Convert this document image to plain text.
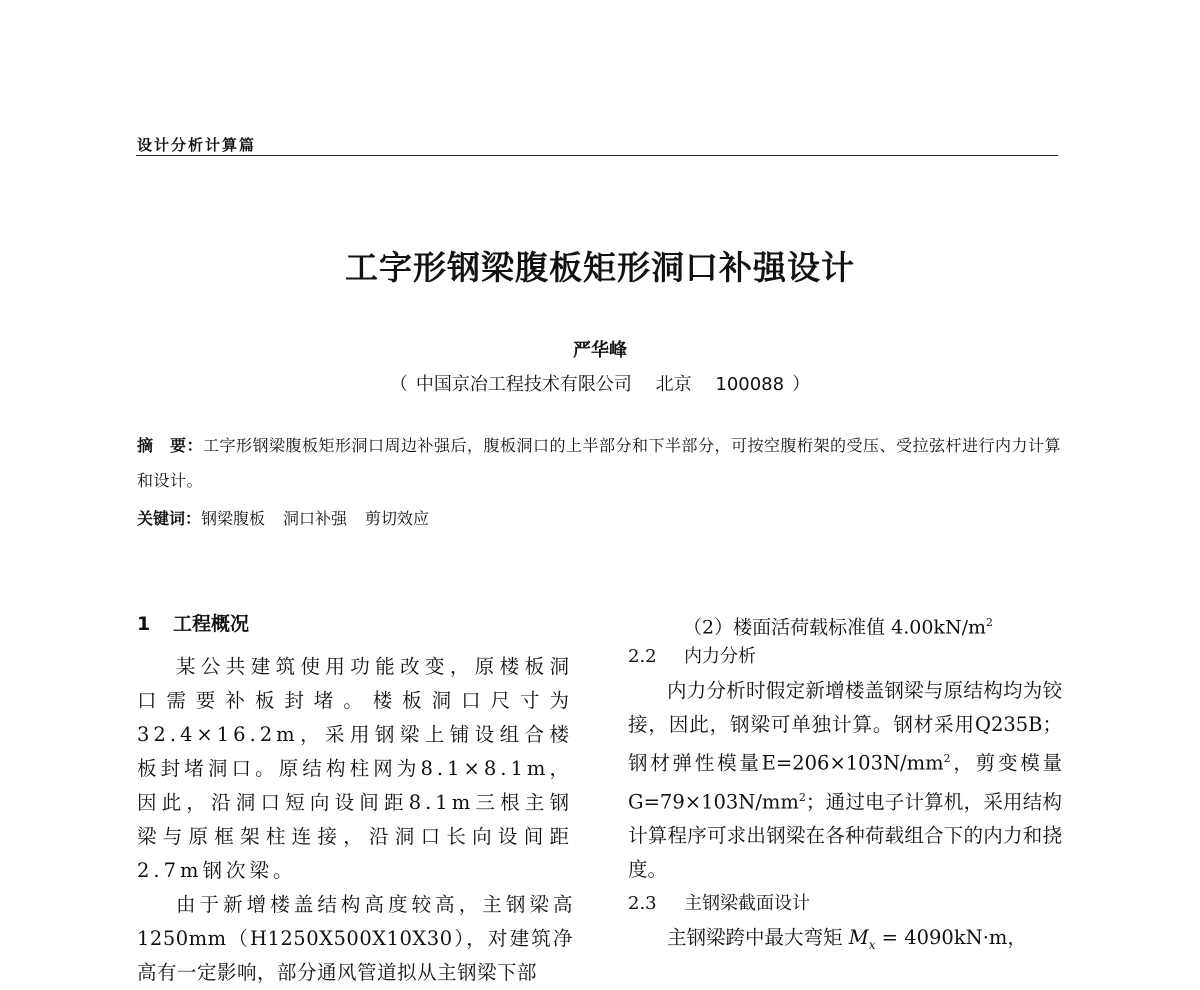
设计分析计算篇
工字形钢梁腹板矩形洞口补强设计
严华峰
（ 中国京冶工程技术有限公司 北京 100088 ）
摘　要：工字形钢梁腹板矩形洞口周边补强后，腹板洞口的上半部分和下半部分，可按空腹桁架的受压、受拉弦杆进行内力计算和设计。
关键词：钢梁腹板 洞口补强 剪切效应
1 工程概况

某公共建筑使用功能改变，原楼板洞口需要补板封堵。楼板洞口尺寸为32.4×16.2m，采用钢梁上铺设组合楼板封堵洞口。原结构柱网为8.1×8.1m，因此，沿洞口短向设间距8.1m三根主钢梁与原框架柱连接，沿洞口长向设间距2.7m钢次梁。

由于新增楼盖结构高度较高，主钢梁高1250mm（H1250X500X10X30），对建筑净高有一定影响，部分通风管道拟从主钢梁下部

（2）楼面活荷载标准值 $4.00kN/m^2$
2.2 内力分析

内力分析时假定新增楼盖钢梁与原结构均为铰接，因此，钢梁可单独计算。钢材采用Q235B；钢材弹性模量$E=206\times 103N/mm^2$，剪变模量$G=79\times 103N/mm^2$；通过电子计算机，采用结构计算程序可求出钢梁在各种荷载组合下的内力和挠度。

2.3 主钢梁截面设计

主钢梁跨中最大弯矩 $M_x = 4090kN\cdot m$，
